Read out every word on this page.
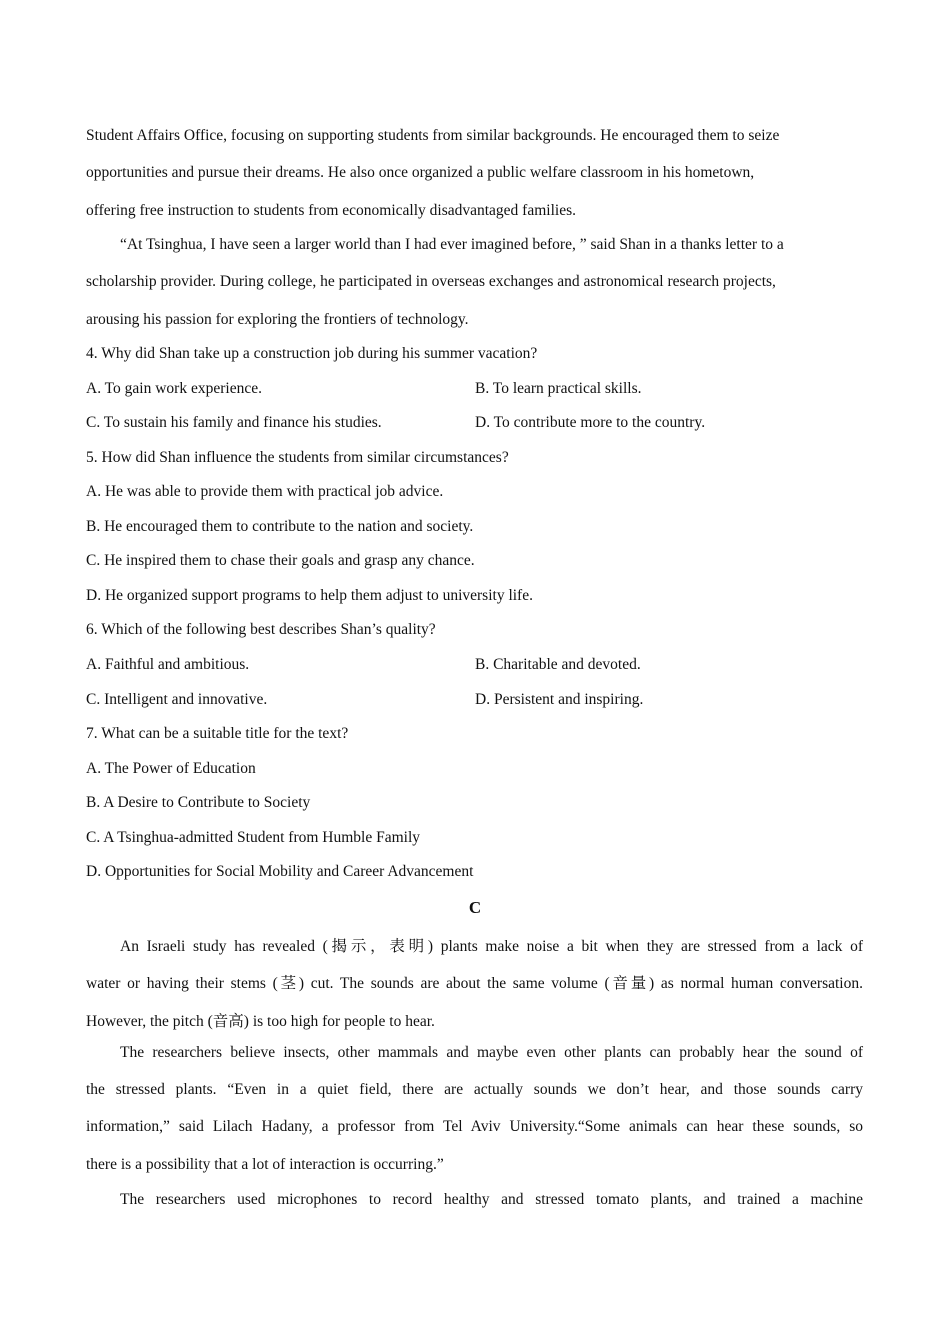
Student Affairs Office, focusing on supporting students from similar backgrounds. He encouraged them to seize
opportunities and pursue their dreams. He also once organized a public welfare classroom in his hometown,
offering free instruction to students from economically disadvantaged families.
“At Tsinghua, I have seen a larger world than I had ever imagined before, ” said Shan in a thanks letter to a
scholarship provider. During college, he participated in overseas exchanges and astronomical research projects,
arousing his passion for exploring the frontiers of technology.
4. Why did Shan take up a construction job during his summer vacation?
A. To gain work experience.	B. To learn practical skills.
C. To sustain his family and finance his studies.	D. To contribute more to the country.
5. How did Shan influence the students from similar circumstances?
A. He was able to provide them with practical job advice.
B. He encouraged them to contribute to the nation and society.
C. He inspired them to chase their goals and grasp any chance.
D. He organized support programs to help them adjust to university life.
6. Which of the following best describes Shan’s quality?
A. Faithful and ambitious.	B. Charitable and devoted.
C. Intelligent and innovative.	D. Persistent and inspiring.
7. What can be a suitable title for the text?
A. The Power of Education
B. A Desire to Contribute to Society
C. A Tsinghua-admitted Student from Humble Family
D. Opportunities for Social Mobility and Career Advancement
C
An Israeli study has revealed (揭示，表明) plants make noise a bit when they are stressed from a lack of
water or having their stems (茎) cut. The sounds are about the same volume (音量) as normal human conversation.
However, the pitch (音高) is too high for people to hear.
The researchers believe insects, other mammals and maybe even other plants can probably hear the sound of
the stressed plants. “Even in a quiet field, there are actually sounds we don’t hear, and those sounds carry
information,” said Lilach Hadany, a professor from Tel Aviv University.“Some animals can hear these sounds, so
there is a possibility that a lot of interaction is occurring.”
The researchers used microphones to record healthy and stressed tomato plants, and trained a machine
